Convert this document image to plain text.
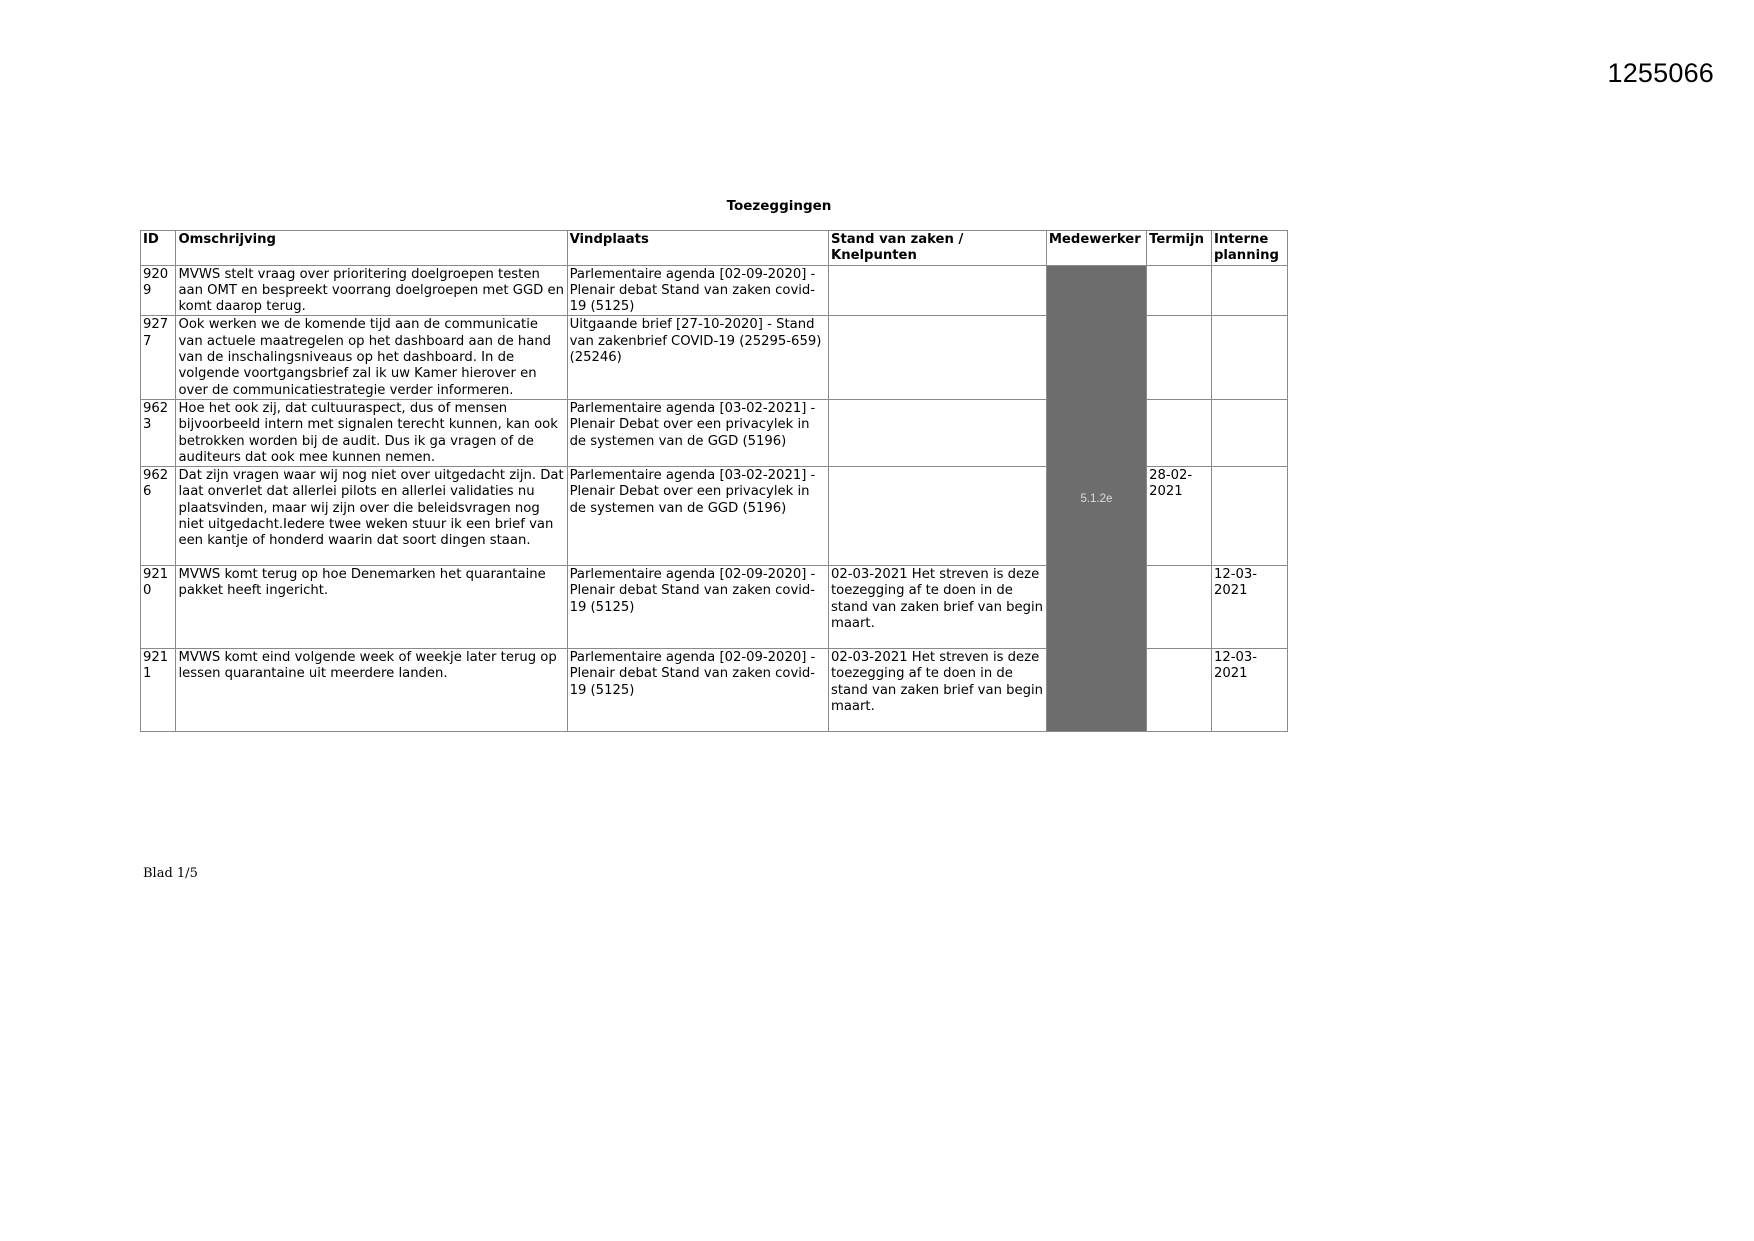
1255066
Toezeggingen
ID	Omschrijving	Vindplaats	Stand van zaken / Knelpunten	Medewerker	Termijn	Interne planning
9209	MVWS stelt vraag over prioritering doelgroepen testen aan OMT en bespreekt voorrang doelgroepen met GGD en komt daarop terug.	Parlementaire agenda [02-09-2020] - Plenair debat Stand van zaken covid-19 (5125)		5.1.2e		
9277	Ook werken we de komende tijd aan de communicatie van actuele maatregelen op het dashboard aan de hand van de inschalingsniveaus op het dashboard. In de volgende voortgangsbrief zal ik uw Kamer hierover en over de communicatiestrategie verder informeren.	Uitgaande brief [27-10-2020] - Stand van zakenbrief COVID-19 (25295-659) (25246)				
9623	Hoe het ook zij, dat cultuuraspect, dus of mensen bijvoorbeeld intern met signalen terecht kunnen, kan ook betrokken worden bij de audit. Dus ik ga vragen of de auditeurs dat ook mee kunnen nemen.	Parlementaire agenda [03-02-2021] - Plenair Debat over een privacylek in de systemen van de GGD (5196)				
9626	Dat zijn vragen waar wij nog niet over uitgedacht zijn. Dat laat onverlet dat allerlei pilots en allerlei validaties nu plaatsvinden, maar wij zijn over die beleidsvragen nog niet uitgedacht.Iedere twee weken stuur ik een brief van een kantje of honderd waarin dat soort dingen staan.	Parlementaire agenda [03-02-2021] - Plenair Debat over een privacylek in de systemen van de GGD (5196)			28-02-2021	
9210	MVWS komt terug op hoe Denemarken het quarantaine pakket heeft ingericht.	Parlementaire agenda [02-09-2020] - Plenair debat Stand van zaken covid-19 (5125)	02-03-2021 Het streven is deze toezegging af te doen in de stand van zaken brief van begin maart.			12-03-2021
9211	MVWS komt eind volgende week of weekje later terug op lessen quarantaine uit meerdere landen.	Parlementaire agenda [02-09-2020] - Plenair debat Stand van zaken covid-19 (5125)	02-03-2021 Het streven is deze toezegging af te doen in de stand van zaken brief van begin maart.			12-03-2021
Blad 1/5
